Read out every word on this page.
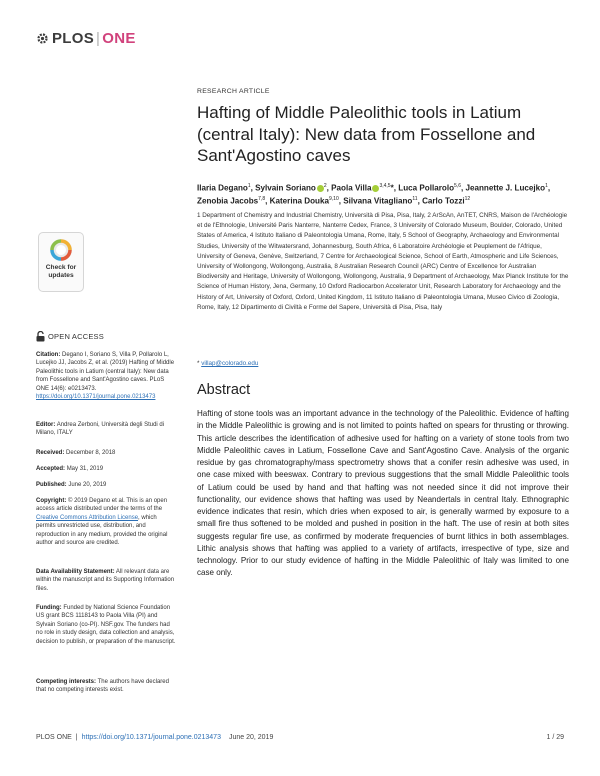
PLOS | ONE
Check for
updates
OPEN ACCESS
Citation: Degano I, Soriano S, Villa P, Pollarolo L, Lucejko JJ, Jacobs Z, et al. (2019) Hafting of Middle Paleolithic tools in Latium (central Italy): New data from Fossellone and Sant'Agostino caves. PLoS ONE 14(6): e0213473. https://doi.org/10.1371/journal.pone.0213473
Editor: Andrea Zerboni, Università degli Studi di Milano, ITALY
Received: December 8, 2018
Accepted: May 31, 2019
Published: June 20, 2019
Copyright: © 2019 Degano et al. This is an open access article distributed under the terms of the Creative Commons Attribution License, which permits unrestricted use, distribution, and reproduction in any medium, provided the original author and source are credited.
Data Availability Statement: All relevant data are within the manuscript and its Supporting Information files.
Funding: Funded by National Science Foundation US grant BCS 1118143 to Paola Villa (PI) and Sylvain Soriano (co-PI). NSF.gov. The funders had no role in study design, data collection and analysis, decision to publish, or preparation of the manuscript.
Competing interests: The authors have declared that no competing interests exist.
RESEARCH ARTICLE
Hafting of Middle Paleolithic tools in Latium (central Italy): New data from Fossellone and Sant'Agostino caves
Ilaria Degano$^1$, Sylvain Soriano $^2$, Paola Villa $^{3,4,5}$*, Luca Pollarolo$^{5,6}$, Jeannette J. Lucejko$^1$, Zenobia Jacobs$^{7,8}$, Katerina Douka$^{9,10}$, Silvana Vitagliano$^{11}$, Carlo Tozzi$^{12}$
1 Department of Chemistry and Industrial Chemistry, Università di Pisa, Pisa, Italy, 2 ArScAn, AnTET, CNRS, Maison de l'Archéologie et de l'Ethnologie, Université Paris Nanterre, Nanterre Cedex, France, 3 University of Colorado Museum, Boulder, Colorado, United States of America, 4 Istituto Italiano di Paleontologia Umana, Rome, Italy, 5 School of Geography, Archaeology and Environmental Studies, University of the Witwatersrand, Johannesburg, South Africa, 6 Laboratoire Archéologie et Peuplement de l'Afrique, University of Geneva, Genève, Switzerland, 7 Centre for Archaeological Science, School of Earth, Atmospheric and Life Sciences, University of Wollongong, Wollongong, Australia, 8 Australian Research Council (ARC) Centre of Excellence for Australian Biodiversity and Heritage, University of Wollongong, Wollongong, Australia, 9 Department of Archaeology, Max Planck Institute for the Science of Human History, Jena, Germany, 10 Oxford Radiocarbon Accelerator Unit, Research Laboratory for Archaeology and the History of Art, University of Oxford, Oxford, United Kingdom, 11 Istituto Italiano di Paleontologia Umana, Museo Civico di Zoologia, Rome, Italy, 12 Dipartimento di Civiltà e Forme del Sapere, Università di Pisa, Pisa, Italy
* villap@colorado.edu
Abstract
Hafting of stone tools was an important advance in the technology of the Paleolithic. Evidence of hafting in the Middle Paleolithic is growing and is not limited to points hafted on spears for thrusting or throwing. This article describes the identification of adhesive used for hafting on a variety of stone tools from two Middle Paleolithic caves in Latium, Fossellone Cave and Sant'Agostino Cave. Analysis of the organic residue by gas chromatography/mass spectrometry shows that a conifer resin adhesive was used, in one case mixed with beeswax. Contrary to previous suggestions that the small Middle Paleolithic tools of Latium could be used by hand and that hafting was not needed since it did not improve their functionality, our evidence shows that hafting was used by Neandertals in central Italy. Ethnographic evidence indicates that resin, which dries when exposed to air, is generally warmed by exposure to a small fire thus softened to be molded and pushed in position in the haft. The use of resin at both sites suggests regular fire use, as confirmed by moderate frequencies of burnt lithics in both assemblages. Lithic analysis shows that hafting was applied to a variety of artifacts, irrespective of type, size and technology. Prior to our study evidence of hafting in the Middle Paleolithic of Italy was limited to one case only.
PLOS ONE | https://doi.org/10.1371/journal.pone.0213473 June 20, 2019	1 / 29
